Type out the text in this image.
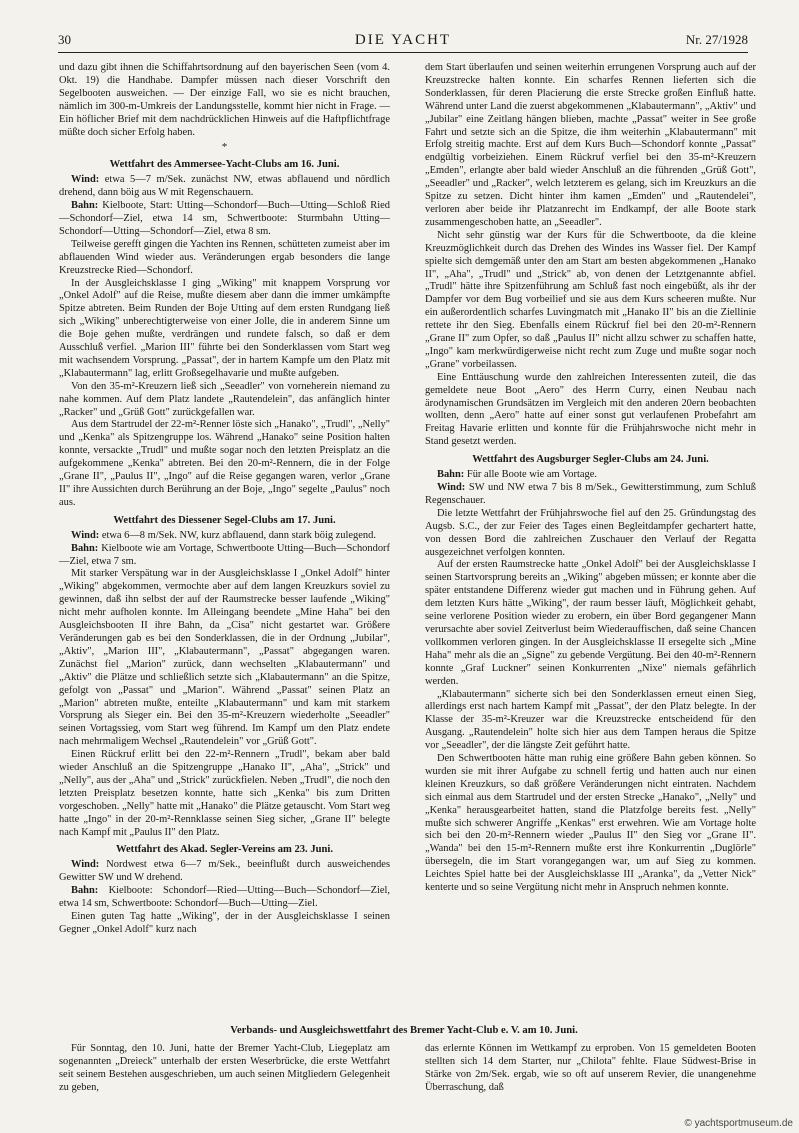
30	DIE YACHT	Nr. 27/1928

und dazu gibt ihnen die Schiffahrtsordnung auf den bayerischen Seen (vom 4. Okt. 19) die Handhabe. Dampfer müssen nach dieser Vorschrift den Segelbooten ausweichen. — Der einzige Fall, wo sie es nicht brauchen, nämlich im 300-m-Umkreis der Landungsstelle, kommt hier nicht in Frage. — Ein höflicher Brief mit dem nachdrücklichen Hinweis auf die Haftpflichtfrage müßte doch sicher Erfolg haben.

*
Wettfahrt des Ammersee-Yacht-Clubs am 16. Juni.

Wind: etwa 5—7 m/Sek. zunächst NW, etwas abflauend und nördlich drehend, dann böig aus W mit Regenschauern.

Bahn: Kielboote, Start: Utting—Schondorf—Buch—Utting—Schloß Ried—Schondorf—Ziel, etwa 14 sm, Schwertboote: Sturmbahn Utting—Schondorf—Utting—Schondorf—Ziel, etwa 8 sm.

Teilweise gerefft gingen die Yachten ins Rennen, schütteten zumeist aber im abflauenden Wind wieder aus. Veränderungen ergab besonders die lange Kreuzstrecke Ried—Schondorf.

In der Ausgleichsklasse I ging „Wiking" mit knappem Vorsprung vor „Onkel Adolf" auf die Reise, mußte diesem aber dann die immer umkämpfte Spitze abtreten. Beim Runden der Boje Utting auf dem ersten Rundgang ließ sich „Wiking" unberechtigterweise von einer Jolle, die in anderem Sinne um die Boje gehen mußte, verdrängen und rundete falsch, so daß er dem Ausschluß verfiel. „Marion III" führte bei den Sonderklassen vom Start weg mit wachsendem Vorsprung. „Passat", der in hartem Kampfe um den Platz mit „Klabautermann" lag, erlitt Großsegelhavarie und mußte aufgeben.

Von den 35-m²-Kreuzern ließ sich „Seeadler" von vorneherein niemand zu nahe kommen. Auf dem Platz landete „Rautendelein", das anfänglich hinter „Racker" und „Grüß Gott" zurückgefallen war.

Aus dem Startrudel der 22-m²-Renner löste sich „Hanako", „Trudl", „Nelly" und „Kenka" als Spitzengruppe los. Während „Hanako" seine Position halten konnte, versackte „Trudl" und mußte sogar noch den letzten Preisplatz an die aufgekommene „Kenka" abtreten. Bei den 20-m²-Rennern, die in der Folge „Grane II", „Paulus II", „Ingo" auf die Reise gegangen waren, verlor „Grane II" ihre Aussichten durch Berührung an der Boje, „Ingo" segelte „Paulus" noch aus.

Wettfahrt des Diessener Segel-Clubs am 17. Juni.

Wind: etwa 6—8 m/Sek. NW, kurz abflauend, dann stark böig zulegend.

Bahn: Kielboote wie am Vortage, Schwertboote Utting—Buch—Schondorf—Ziel, etwa 7 sm.

Mit starker Verspätung war in der Ausgleichsklasse I „Onkel Adolf" hinter „Wiking" abgekommen, vermochte aber auf dem langen Kreuzkurs soviel zu gewinnen, daß ihn selbst der auf der Raumstrecke besser laufende „Wiking" nicht mehr aufholen konnte. Im Alleingang beendete „Mine Haha" bei den Ausgleichsbooten II ihre Bahn, da „Cisa" nicht gestartet war. Größere Veränderungen gab es bei den Sonderklassen, die in der Ordnung „Jubilar", „Aktiv", „Marion III", „Klabautermann", „Passat" abgegangen waren. Zunächst fiel „Marion" zurück, dann wechselten „Klabautermann" und „Aktiv" die Plätze und schließlich setzte sich „Klabautermann" an die Spitze, gefolgt von „Passat" und „Marion". Während „Passat" seinen Platz an „Marion" abtreten mußte, enteilte „Klabautermann" und kam mit starkem Vorsprung als Sieger ein. Bei den 35-m²-Kreuzern wiederholte „Seeadler" seinen Vortagssieg, vom Start weg führend. Im Kampf um den Platz endete nach mehrmaligem Wechsel „Rautendelein" vor „Grüß Gott".

Einen Rückruf erlitt bei den 22-m²-Rennern „Trudl", bekam aber bald wieder Anschluß an die Spitzengruppe „Hanako II", „Aha", „Strick" und „Nelly", aus der „Aha" und „Strick" zurückfielen. Neben „Trudl", die noch den letzten Preisplatz besetzen konnte, hatte sich „Kenka" bis zum Dritten vorgeschoben. „Nelly" hatte mit „Hanako" die Plätze getauscht. Vom Start weg hatte „Ingo" in der 20-m²-Rennklasse seinen Sieg sicher, „Grane II" belegte nach Kampf mit „Paulus II" den Platz.

Wettfahrt des Akad. Segler-Vereins am 23. Juni.

Wind: Nordwest etwa 6—7 m/Sek., beeinflußt durch ausweichendes Gewitter SW und W drehend.

Bahn: Kielboote: Schondorf—Ried—Utting—Buch—Schondorf—Ziel, etwa 14 sm, Schwertboote: Schondorf—Buch—Utting—Ziel.

Einen guten Tag hatte „Wiking", der in der Ausgleichsklasse I seinen Gegner „Onkel Adolf" kurz nach

dem Start überlaufen und seinen weiterhin errungenen Vorsprung auch auf der Kreuzstrecke halten konnte. Ein scharfes Rennen lieferten sich die Sonderklassen, für deren Placierung die erste Strecke großen Einfluß hatte. Während unter Land die zuerst abgekommenen „Klabautermann", „Aktiv" und „Jubilar" eine Zeitlang hängen blieben, machte „Passat" weiter in See große Fahrt und setzte sich an die Spitze, die ihm weiterhin „Klabautermann" mit Erfolg streitig machte. Erst auf dem Kurs Buch—Schondorf konnte „Passat" endgültig vorbeiziehen. Einem Rückruf verfiel bei den 35-m²-Kreuzern „Emden", erlangte aber bald wieder Anschluß an die führenden „Grüß Gott", „Seeadler" und „Racker", welch letzterem es gelang, sich im Kreuzkurs an die Spitze zu setzen. Dicht hinter ihm kamen „Emden" und „Rautendelei", verloren aber beide ihr Platzanrecht im Endkampf, der alle Boote stark zusammengeschoben hatte, an „Seeadler".

Nicht sehr günstig war der Kurs für die Schwertboote, da die kleine Kreuzmöglichkeit durch das Drehen des Windes ins Wasser fiel. Der Kampf spielte sich demgemäß unter den am Start am besten abgekommenen „Hanako II", „Aha", „Trudl" und „Strick" ab, von denen der Letztgenannte abfiel. „Trudl" hätte ihre Spitzenführung am Schluß fast noch eingebüßt, als ihr der Dampfer vor dem Bug vorbeilief und sie aus dem Kurs scheeren mußte. Nur ein außerordentlich scharfes Luvingmatch mit „Hanako II" bis an die Ziellinie rettete ihr den Sieg. Ebenfalls einem Rückruf fiel bei den 20-m²-Rennern „Grane II" zum Opfer, so daß „Paulus II" nicht allzu schwer zu schaffen hatte, „Ingo" kam merkwürdigerweise nicht recht zum Zuge und mußte sogar noch „Grane" vorbeilassen.

Eine Enttäuschung wurde den zahlreichen Interessenten zuteil, die das gemeldete neue Boot „Aero" des Herrn Curry, einen Neubau nach ärodynamischen Grundsätzen im Vergleich mit den anderen 20ern beobachten wollten, denn „Aero" hatte auf einer sonst gut verlaufenen Probefahrt am Freitag Havarie erlitten und konnte für die Frühjahrswoche nicht mehr in Stand gesetzt werden.

Wettfahrt des Augsburger Segler-Clubs am 24. Juni.

Bahn: Für alle Boote wie am Vortage.

Wind: SW und NW etwa 7 bis 8 m/Sek., Gewitterstimmung, zum Schluß Regenschauer.

Die letzte Wettfahrt der Frühjahrswoche fiel auf den 25. Gründungstag des Augsb. S.C., der zur Feier des Tages einen Begleitdampfer gechartert hatte, von dessen Bord die zahlreichen Zuschauer den Verlauf der Regatta ausgezeichnet verfolgen konnten.

Auf der ersten Raumstrecke hatte „Onkel Adolf" bei der Ausgleichsklasse I seinen Startvorsprung bereits an „Wiking" abgeben müssen; er konnte aber die später entstandene Differenz wieder gut machen und in Führung gehen. Auf dem letzten Kurs hätte „Wiking", der raum besser läuft, Möglichkeit gehabt, seine verlorene Position wieder zu erobern, ein über Bord gegangener Mann verursachte aber soviel Zeitverlust beim Wiederauffischen, daß seine Chancen vollkommen verloren gingen. In der Ausgleichsklasse II ersegelte sich „Mine Haha" mehr als die an „Signe" zu gebende Vergütung. Bei den 40-m²-Rennern konnte „Graf Luckner" seinen Konkurrenten „Nixe" niemals gefährlich werden.

„Klabautermann" sicherte sich bei den Sonderklassen erneut einen Sieg, allerdings erst nach hartem Kampf mit „Passat", der den Platz belegte. In der Klasse der 35-m²-Kreuzer war die Kreuzstrecke entscheidend für den Ausgang. „Rautendelein" holte sich hier aus dem Tampen heraus die Spitze vor „Seeadler", der die längste Zeit geführt hatte.

Den Schwertbooten hätte man ruhig eine größere Bahn geben können. So wurden sie mit ihrer Aufgabe zu schnell fertig und hatten auch nur einen kleinen Kreuzkurs, so daß größere Veränderungen nicht eintraten. Nachdem sich einmal aus dem Startrudel und der ersten Strecke „Hanako", „Nelly" und „Kenka" herausgearbeitet hatten, stand die Platzfolge bereits fest. „Nelly" mußte sich schwerer Angriffe „Kenkas" erst erwehren. Wie am Vortage holte sich bei den 20-m²-Rennern wieder „Paulus II" den Sieg vor „Grane II". „Wanda" bei den 15-m²-Rennern mußte erst ihre Konkurrentin „Duglörle" übersegeln, die im Start vorangegangen war, um auf Sieg zu kommen. Leichtes Spiel hatte bei der Ausgleichsklasse III „Aranka", da „Vetter Nick" kenterte und so seine Vergütung nicht mehr in Anspruch nehmen konnte.

Verbands- und Ausgleichswettfahrt des Bremer Yacht-Club e. V. am 10. Juni.

Für Sonntag, den 10. Juni, hatte der Bremer Yacht-Club, Liegeplatz am sogenannten „Dreieck" unterhalb der ersten Weserbrücke, die erste Wettfahrt seit seinem Bestehen ausgeschrieben, um auch seinen Mitgliedern Gelegenheit zu geben,

das erlernte Können im Wettkampf zu erproben. Von 15 gemeldeten Booten stellten sich 14 dem Starter, nur „Chilota" fehlte. Flaue Südwest-Brise in Stärke von 2m/Sek. ergab, wie so oft auf unserem Revier, die unangenehme Überraschung, daß

© yachtsportmuseum.de
